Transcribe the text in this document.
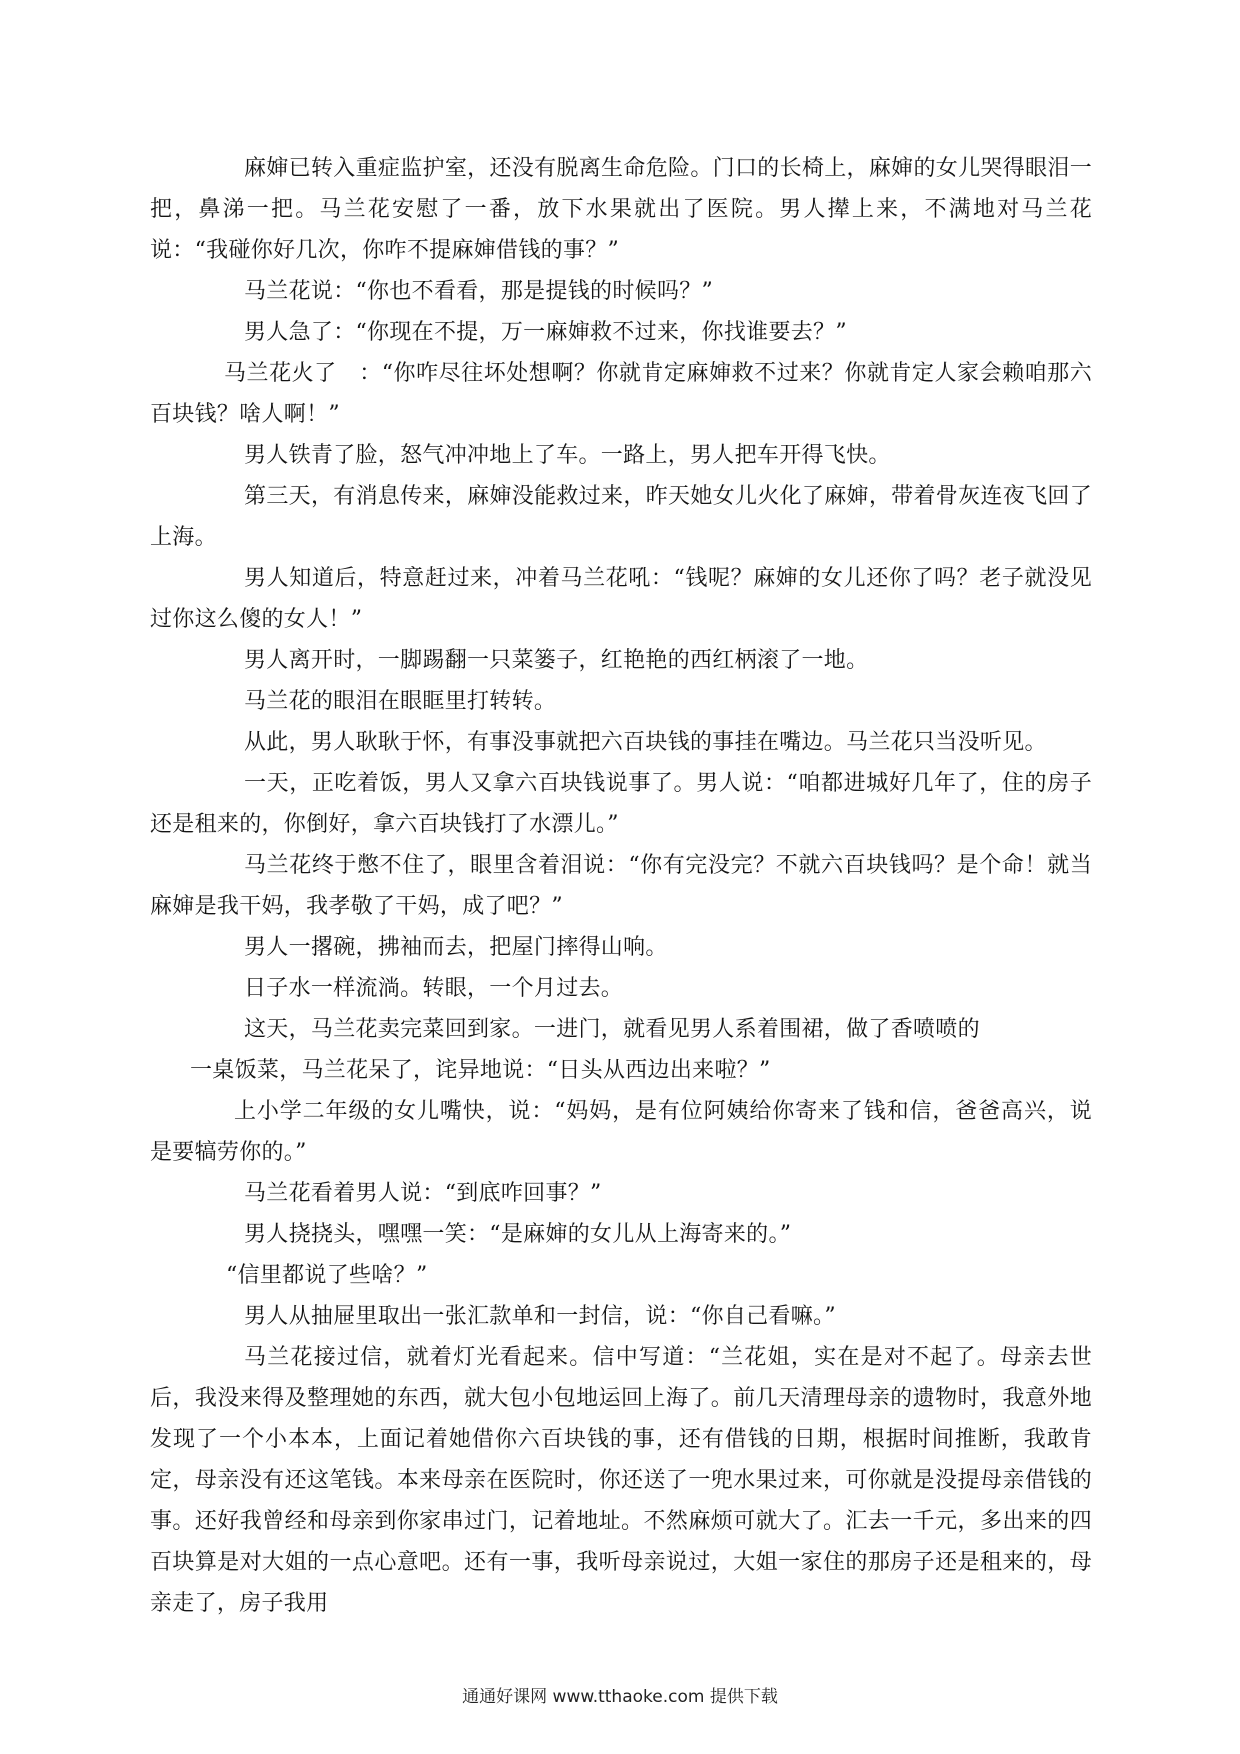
麻婶已转入重症监护室，还没有脱离生命危险。门口的长椅上，麻婶的女儿哭得眼泪一把，鼻涕一把。马兰花安慰了一番，放下水果就出了医院。男人撵上来，不满地对马兰花说：“我碰你好几次，你咋不提麻婶借钱的事？”

马兰花说：“你也不看看，那是提钱的时候吗？”

男人急了：“你现在不提，万一麻婶救不过来，你找谁要去？”

马兰花火了　：“你咋尽往坏处想啊？你就肯定麻婶救不过来？你就肯定人家会赖咱那六百块钱？啥人啊！”

男人铁青了脸，怒气冲冲地上了车。一路上，男人把车开得飞快。

第三天，有消息传来，麻婶没能救过来，昨天她女儿火化了麻婶，带着骨灰连夜飞回了上海。

男人知道后，特意赶过来，冲着马兰花吼：“钱呢？麻婶的女儿还你了吗？老子就没见过你这么傻的女人！”

男人离开时，一脚踢翻一只菜篓子，红艳艳的西红柄滚了一地。

马兰花的眼泪在眼眶里打转转。

从此，男人耿耿于怀，有事没事就把六百块钱的事挂在嘴边。马兰花只当没听见。

一天，正吃着饭，男人又拿六百块钱说事了。男人说：“咱都进城好几年了，住的房子还是租来的，你倒好，拿六百块钱打了水漂儿。”

马兰花终于憋不住了，眼里含着泪说：“你有完没完？不就六百块钱吗？是个命！就当麻婶是我干妈，我孝敬了干妈，成了吧？”

男人一撂碗，拂袖而去，把屋门摔得山响。

日子水一样流淌。转眼，一个月过去。

这天，马兰花卖完菜回到家。一进门，就看见男人系着围裙，做了香喷喷的

一桌饭菜，马兰花呆了，诧异地说：“日头从西边出来啦？”

上小学二年级的女儿嘴快，说：“妈妈，是有位阿姨给你寄来了钱和信，爸爸高兴，说是要犒劳你的。”

马兰花看着男人说：“到底咋回事？”

男人挠挠头，嘿嘿一笑：“是麻婶的女儿从上海寄来的。”

“信里都说了些啥？”

男人从抽屉里取出一张汇款单和一封信，说：“你自己看嘛。”

马兰花接过信，就着灯光看起来。信中写道：“兰花姐，实在是对不起了。母亲去世后，我没来得及整理她的东西，就大包小包地运回上海了。前几天清理母亲的遗物时，我意外地发现了一个小本本，上面记着她借你六百块钱的事，还有借钱的日期，根据时间推断，我敢肯定，母亲没有还这笔钱。本来母亲在医院时，你还送了一兜水果过来，可你就是没提母亲借钱的事。还好我曾经和母亲到你家串过门，记着地址。不然麻烦可就大了。汇去一千元，多出来的四百块算是对大姐的一点心意吧。还有一事，我听母亲说过，大姐一家住的那房子还是租来的，母亲走了，房子我用

通通好课网 www.tthaoke.com 提供下载
